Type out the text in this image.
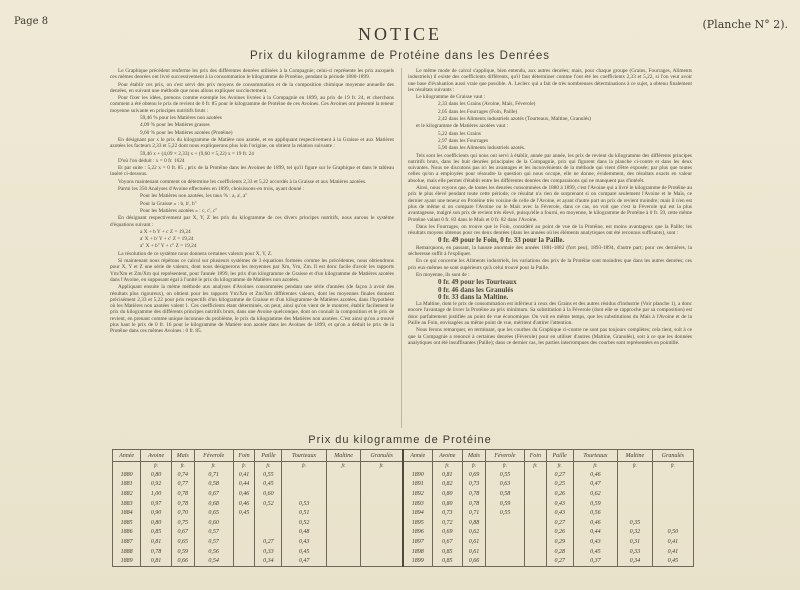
Page 8	(Planche N° 2).
NOTICE
Prix du kilogramme de Protéine dans les Denrées

Le Graphique précédent renferme les prix des différentes denrées utilisées à la Compagnie; celui-ci représente les prix auxquels ces mêmes denrées ont livré successivement à la consommation le kilogramme de Protéine, pendant la période 1880-1899.

Pour établir ces prix, on s'est servi des prix moyens de consommation et de la composition chimique moyenne annuelle des denrées, en suivant une méthode que nous allons expliquer succinctement.

Pour fixer les idées, prenons comme exemple les Avoines livrées à la Compagnie en 1899, au prix de 19 fr. 24, et cherchons comment a été obtenu le prix de revient de 0 fr. 85 pour le kilogramme de Protéine de ces Avoines. Ces Avoines ont présenté la teneur moyenne suivante en principes nutritifs bruts :

59,46 % pour les Matières non azotées

4,09 % pour les Matières grasses

9,60 % pour les Matières azotées (Protéine)

En désignant par x le prix du kilogramme de Matière non azotée, et en appliquant respectivement à la Graisse et aux Matières azotées les facteurs 2,33 et 5,22 dont nous expliquerons plus loin l'origine, on obtient la relation suivante :

59,46 x + (4,09 × 2,33) x + (9,60 × 5,22) x = 19 fr. 24

D'où l'on déduit : x = 0 fr. 1624

Et par suite : 5,22 x = 0 fr. 85 , prix de la Protéine dans les Avoines de 1899, tel qu'il figure sur le Graphique et dans le tableau inséré ci-dessous.

Voyons maintenant comment on détermine les coefficients 2,33 et 5,22 accordés à la Graisse et aux Matières azotées.

Parmi les 350 Analyses d'Avoine effectuées en 1899, choisissons-en trois, ayant donné :

Pour les Matières non azotées, les taux % : a, a', a''

Pour la Graisse » : b, b', b''

Pour les Matières azotées » : c, c', c''

En désignant respectivement par X, Y, Z les prix du kilogramme de ces divers principes nutritifs, nous aurons le système d'équations suivant :

a X + b Y + c Z = 19,24

a' X + b' Y + c' Z = 19,24

a'' X + b'' Y + c'' Z = 19,24

La résolution de ce système nous donnera certaines valeurs pour X, Y, Z.

Si maintenant nous répétons ce calcul sur plusieurs systèmes de 3 équations formées comme les précédentes, nous obtiendrons pour X, Y et Z une série de valeurs, dont nous désignerons les moyennes par Xm, Ym, Zm. Il est donc facile d'avoir les rapports Ym/Xm et Zm/Xm qui représentent, pour l'année 1899, les prix d'un kilogramme de Graisse et d'un kilogramme de Matières azotées dans l'Avoine, en supposant égal à l'unité le prix du kilogramme de Matières non azotées.

Appliquant ensuite la même méthode aux analyses d'Avoines consommées pendant une série d'années (de façon à avoir des résultats plus rigoureux), on obtient pour les rapports Ym/Xm et Zm/Xm différentes valeurs, dont les moyennes finales donnent précisément 2,33 et 5,22 pour prix respectifs d'un kilogramme de Graisse et d'un kilogramme de Matières azotées, dans l'hypothèse où les Matières non azotées valent 1. Ces coefficients étant déterminés, on peut, ainsi qu'on vient de le montrer, établir facilement le prix du kilogramme des différents principes nutritifs bruts, dans une Avoine quelconque, dont on connaît la composition et le prix de revient, en prenant comme unique inconnue du problème, le prix du kilogramme des Matières non azotées. C'est ainsi qu'on a trouvé plus haut le prix de 0 fr. 16 pour le kilogramme de Matière non azotée dans les Avoines de 1899, et qu'on a déduit le prix de la Protéine dans ces mêmes Avoines : 0 fr. 85.

Le même mode de calcul s'applique, bien entendu, aux autres denrées; mais, pour chaque groupe (Grains, Fourrages, Aliments industriels) il existe des coefficients différents, qu'il faut déterminer comme l'ont été les coefficients 2,33 et 5,22, si l'on veut avoir une base d'évaluation aussi vraie que possible. A. Leclerc qui a fait de très nombreuses déterminations à ce sujet, a obtenu finalement les résultats suivants :

Le kilogramme de Graisse vaut :

2,33 dans les Grains (Avoine, Maïs, Féverole)

2,05 dans les Fourrages (Foin, Paille)

2,42 dans les Aliments industriels azotés (Tourteaux, Maltine, Granulés)

et le kilogramme de Matières azotées vaut :

5,22 dans les Grains

2,97 dans les Fourrages

5,90 dans les Aliments industriels azotés.

Tels sont les coefficients qui nous ont servi à établir, année par année, les prix de revient du kilogramme des différents principes nutritifs bruts, dans les huit denrées principales de la Compagnie, prix qui figurent dans la planche ci-contre et dans les deux suivantes. Nous ne discutons pas ici les avantages et les inconvénients de la méthode qui vient d'être exposée; par plus que toutes celles qu'on a employées pour résoudre la question qui nous occupe, elle ne donne, évidemment, des résultats exacts en valeur absolue, mais elle permet d'établir entre les différentes denrées des comparaisons qui ne manquent pas d'intérêt.

Ainsi, nous voyons que, de toutes les denrées consommées de 1880 à 1899, c'est l'Avoine qui a livré le kilogramme de Protéine au prix le plus élevé pendant toute cette période; ce résultat n'a rien de surprenant si on compare seulement l'Avoine et le Maïs, ce dernier ayant une teneur en Protéine très voisine de celle de l'Avoine, et ayant d'autre part un prix de revient moindre; mais il n'en est plus de même si on compare l'Avoine ou le Maïs avec la Féverole, dans ce cas, on voit que c'est la Féverole qui est la plus avantageuse, malgré son prix de revient très élevé, puisqu'elle a fourni, en moyenne, le kilogramme de Protéine à 0 fr. 59, cette même Protéine valant 0 fr. 83 dans le Maïs et 0 fr. 82 dans l'Avoine.

Dans les Fourrages, on trouve que le Foin, considéré au point de vue de la Protéine, est moins avantageux que la Paille; les résultats moyens obtenus pour ces deux denrées (dans les années où les éléments analytiques ont été reconnus suffisants), sont :

0 fr. 49 pour le Foin, 0 fr. 33 pour la Paille.

Remarquons, en passant, la hausse anormale des années 1881-1882 (fort peu), 1893-1894, d'autre part; pour ces dernières, la sécheresse suffit à l'expliquer.

En ce qui concerne les Aliments industriels, les variations des prix de la Protéine sont moindres que dans les autres denrées; ces prix eux-mêmes ne sont supérieurs qu'à celui trouvé pour la Paille.

En moyenne, ils sont de :

0 fr. 49 pour les Tourteaux

0 fr. 46 dans les Granulés

0 fr. 33 dans la Maltine.

La Maltine, dont le prix de consommation est inférieur à ceux des Grains et des autres résidus d'industrie (Voir planche 1), a donc encore l'avantage de livrer la Protéine au prix minimum. Sa substitution à la Féverole (dont elle se rapproche par sa composition) est donc parfaitement justifiée au point de vue économique. On voit en même temps, que les substitutions du Maïs à l'Avoine et de la Paille au Foin, envisagées au même point de vue, méritent d'attirer l'attention.

Nous ferons remarquer, en terminant, que les courbes du Graphique ci-contre ne sont pas toujours complètes; cela tient, soit à ce que la Compagnie a renoncé à certaines denrées (Féverole) pour en utiliser d'autres (Maltine, Granulés), soit à ce que les données analytiques ont été insuffisantes (Paille); dans ce dernier cas, les parties interrompues des courbes sont représentées en pointillé.

Prix du kilogramme de Protéine
Année	Avoine	Maïs	Féverole	Foin	Paille	Tourteaux	Maltine	Granulés	Année	Avoine	Maïs	Féverole	Foin	Paille	Tourteaux	Maltine	Granulés
	fr.	fr.	fr.	fr.	fr.	fr.	fr.	fr.		fr.	fr.	fr.	fr.	fr.	fr.	fr.	fr.
1880	0,80	0,74	0,71	0,41	0,55				1890	0,81	0,69	0,55		0,27	0,46		
1881	0,92	0,77	0,58	0,44	0,45				1891	0,82	0,73	0,63		0,25	0,47		
1882	1,00	0,78	0,67	0,46	0,60				1892	0,80	0,78	0,58		0,26	0,62		
1883	0,97	0,78	0,68	0,46	0,52	0,53			1893	0,80	0,78	0,59		0,43	0,59		
1884	0,90	0,70	0,65	0,45		0,51			1894	0,73	0,71	0,55		0,43	0,56		
1885	0,80	0,75	0,60			0,52			1895	0,72	0,88			0,27	0,46	0,35	
1886	0,85	0,67	0,57			0,48			1896	0,69	0,62			0,26	0,44	0,32	0,50
1887	0,81	0,65	0,57		0,27	0,43			1897	0,67	0,61			0,29	0,43	0,31	0,41
1888	0,78	0,59	0,56		0,33	0,45			1898	0,85	0,61			0,28	0,45	0,33	0,41
1889	0,81	0,66	0,54		0,34	0,47			1899	0,85	0,66			0,27	0,37	0,34	0,45
